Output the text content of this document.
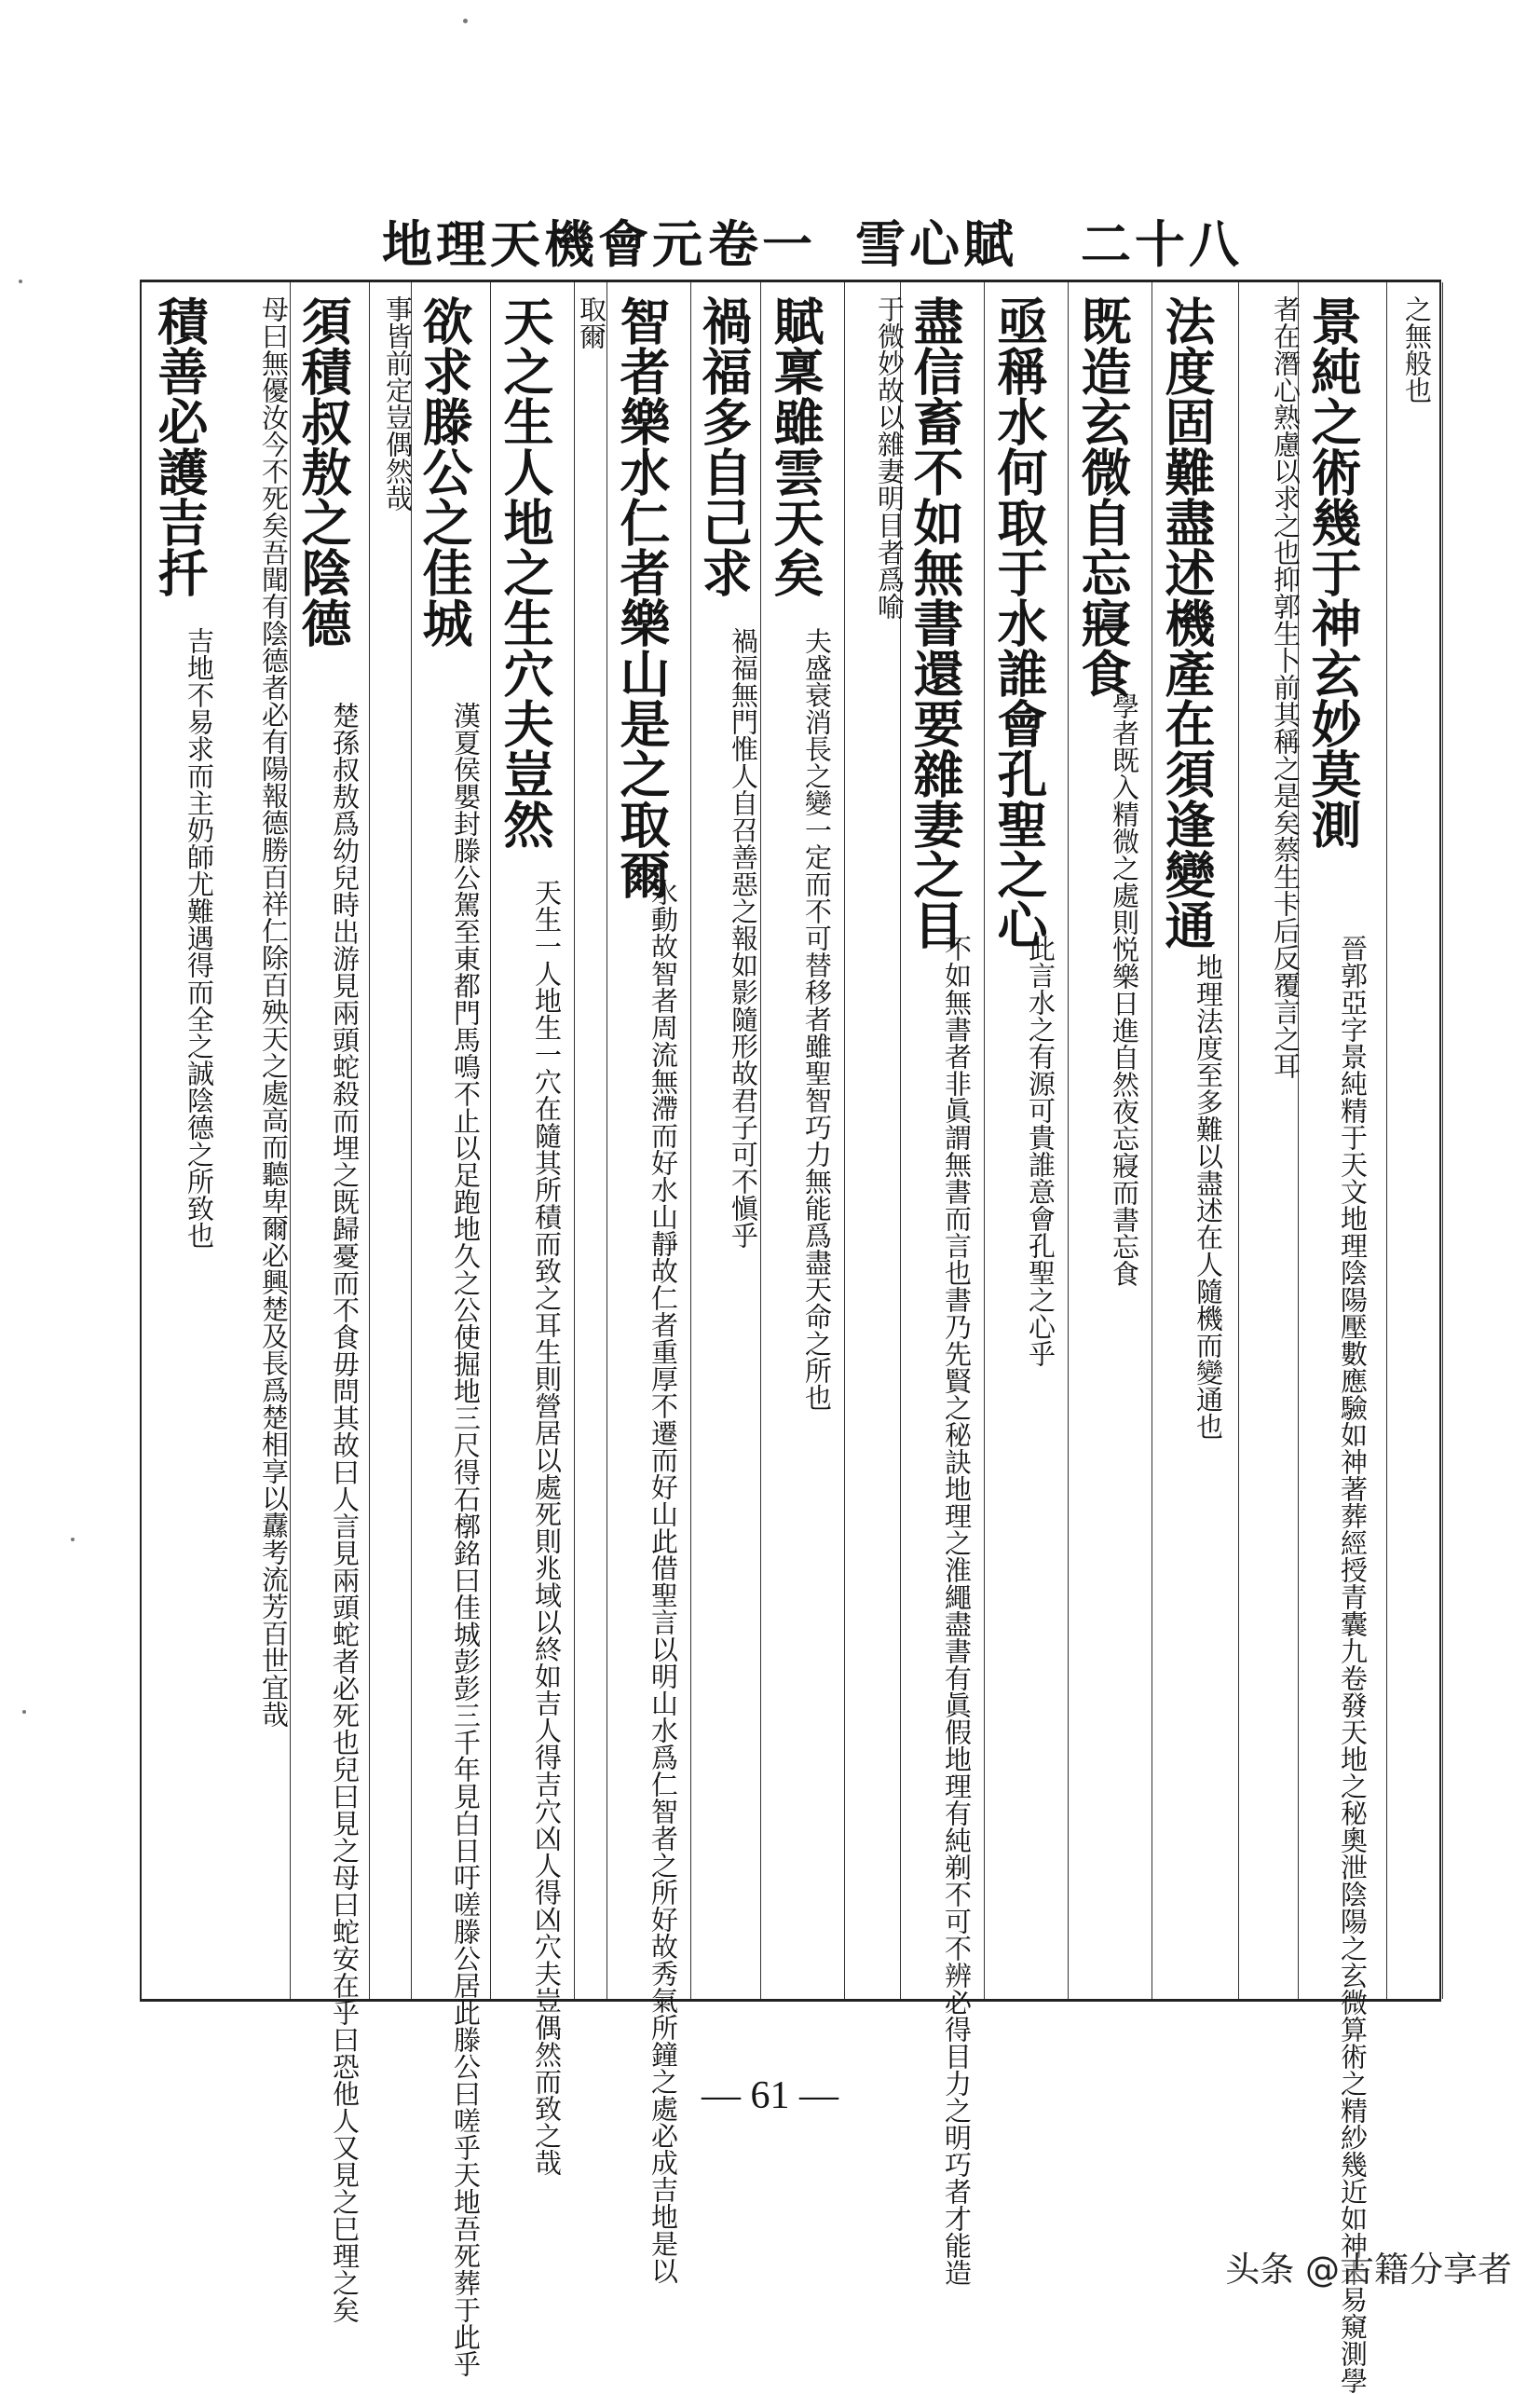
地理天機會元 卷一 雪心賦 二十八
之無般也
景純之術幾于神玄妙莫測
晉郭亞字景純精于天文地理陰陽壓數應驗如神著葬經授青囊九卷發天地之秘奧泄陰陽之玄微算術之精紗幾近如神未易窺測學
者在潛心熟慮以求之也抑郭生卜前其稱之是矣蔡生卡后反覆言之耳
法度固難盡述機產在須逢變通
地理法度至多難以盡述在人隨機而變通也
既造玄微自忘寢食
學者既入精微之處則悦樂日進自然夜忘寢而書忘食
亟稱水何取于水誰會孔聖之心
此言水之有源可貴誰意會孔聖之心乎
盡信畜不如無書還要雜妻之目
不如無書者非眞謂無書而言也書乃先賢之秘訣地理之淮繩盡書有眞假地理有純剃不可不辨必得目力之明巧者才能造
于微妙故以雜妻明目者爲喻
賦稟雖雲天矣
夫盛衰消長之變一定而不可替移者雖聖智巧力無能爲盡天命之所也
禍福多自己求
禍福無門惟人自召善惡之報如影隨形故君子可不愼乎
智者樂水仁者樂山是之取爾
水動故智者周流無滯而好水山靜故仁者重厚不遷而好山此借聖言以明山水爲仁智者之所好故秀氣所鐘之處必成吉地是以
取爾
天之生人地之生穴夫豈然
天生一人地生一穴在隨其所積而致之耳生則營居以處死則兆域以終如吉人得吉穴凶人得凶穴夫豈偶然而致之哉
欲求滕公之佳城
漢夏侯嬰封滕公駕至東都門馬鳴不止以足跑地久之公使掘地三尺得石槨銘曰佳城彭彭三千年見白日吁嗟滕公居此滕公曰嗟乎天地吾死葬于此乎
事皆前定豈偶然哉
須積叔敖之陰德
楚孫叔敖爲幼兒時出游見兩頭蛇殺而埋之既歸憂而不食毋問其故曰人言見兩頭蛇者必死也兒曰見之母曰蛇安在乎曰恐他人又見之巳理之矣
母曰無優汝今不死矣吾聞有陰德者必有陽報德勝百祥仁除百殃天之處高而聽卑爾必興楚及長爲楚相享以纛考流芳百世宜哉
積善必護吉扦
吉地不易求而主奶師尤難遇得而全之誠陰德之所致也
— 61 —
头条 @古籍分享者
